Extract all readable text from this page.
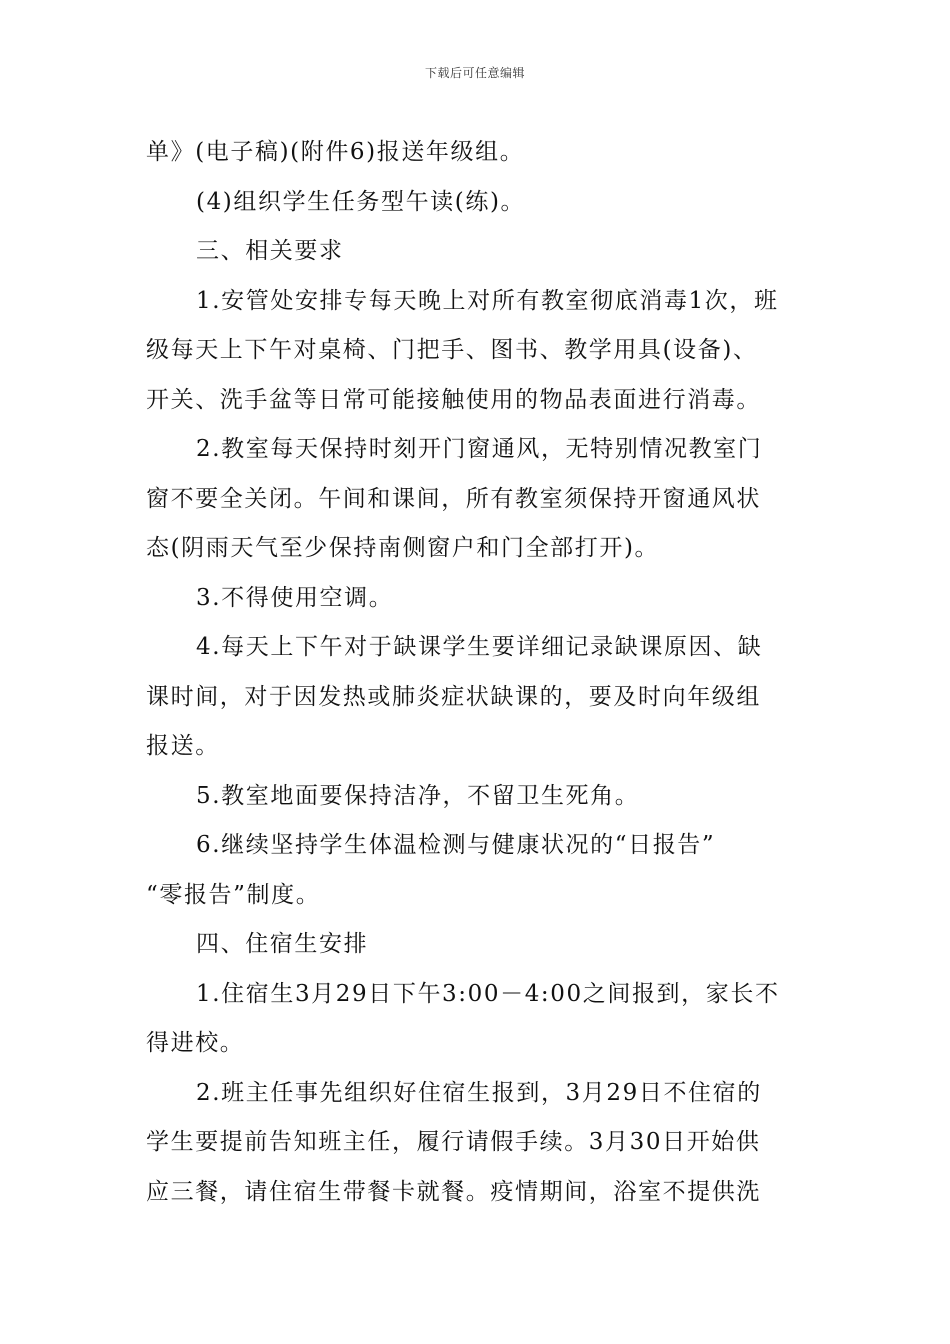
下载后可任意编辑
单》(电子稿)(附件6)报送年级组。
(4)组织学生任务型午读(练)。
三、相关要求
1.安管处安排专每天晚上对所有教室彻底消毒1次，班
级每天上下午对桌椅、门把手、图书、教学用具(设备)、
开关、洗手盆等日常可能接触使用的物品表面进行消毒。
2.教室每天保持时刻开门窗通风，无特别情况教室门
窗不要全关闭。午间和课间，所有教室须保持开窗通风状
态(阴雨天气至少保持南侧窗户和门全部打开)。
3.不得使用空调。
4.每天上下午对于缺课学生要详细记录缺课原因、缺
课时间，对于因发热或肺炎症状缺课的，要及时向年级组
报送。
5.教室地面要保持洁净，不留卫生死角。
6.继续坚持学生体温检测与健康状况的“日报告”
“零报告”制度。
四、住宿生安排
1.住宿生3月29日下午3:00－4:00之间报到，家长不
得进校。
2.班主任事先组织好住宿生报到，3月29日不住宿的
学生要提前告知班主任，履行请假手续。3月30日开始供
应三餐，请住宿生带餐卡就餐。疫情期间，浴室不提供洗
